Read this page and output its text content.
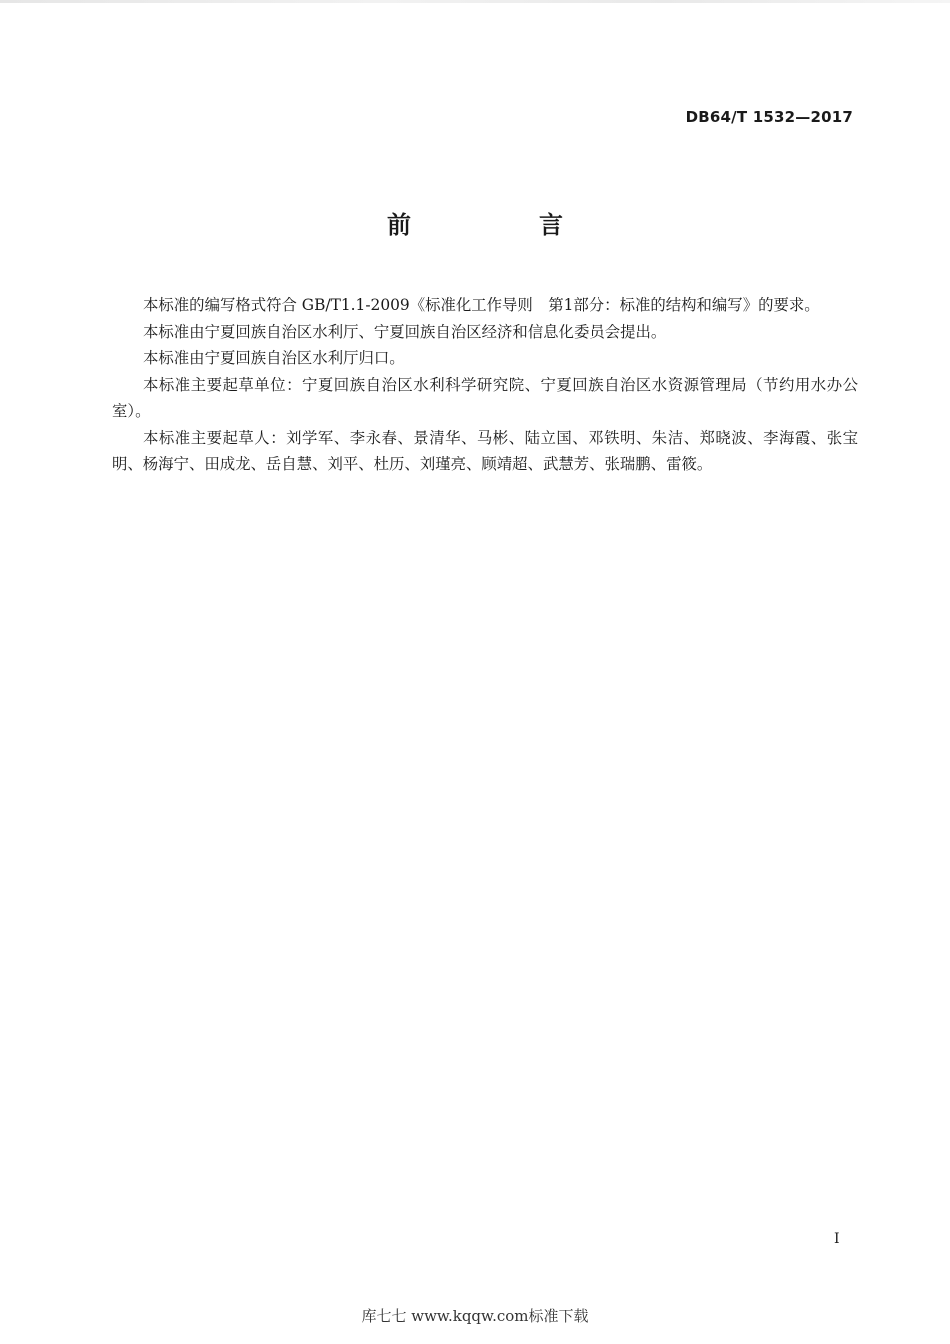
DB64/T 1532—2017
前　言

本标准的编写格式符合 GB/T1.1-2009《标准化工作导则　第1部分：标准的结构和编写》的要求。

本标准由宁夏回族自治区水利厅、宁夏回族自治区经济和信息化委员会提出。

本标准由宁夏回族自治区水利厅归口。

本标准主要起草单位：宁夏回族自治区水利科学研究院、宁夏回族自治区水资源管理局（节约用水办公室）。

本标准主要起草人：刘学军、李永春、景清华、马彬、陆立国、邓铁明、朱洁、郑晓波、李海霞、张宝明、杨海宁、田成龙、岳自慧、刘平、杜历、刘瑾亮、顾靖超、武慧芳、张瑞鹏、雷筱。

I
库七七 www.kqqw.com标准下载
